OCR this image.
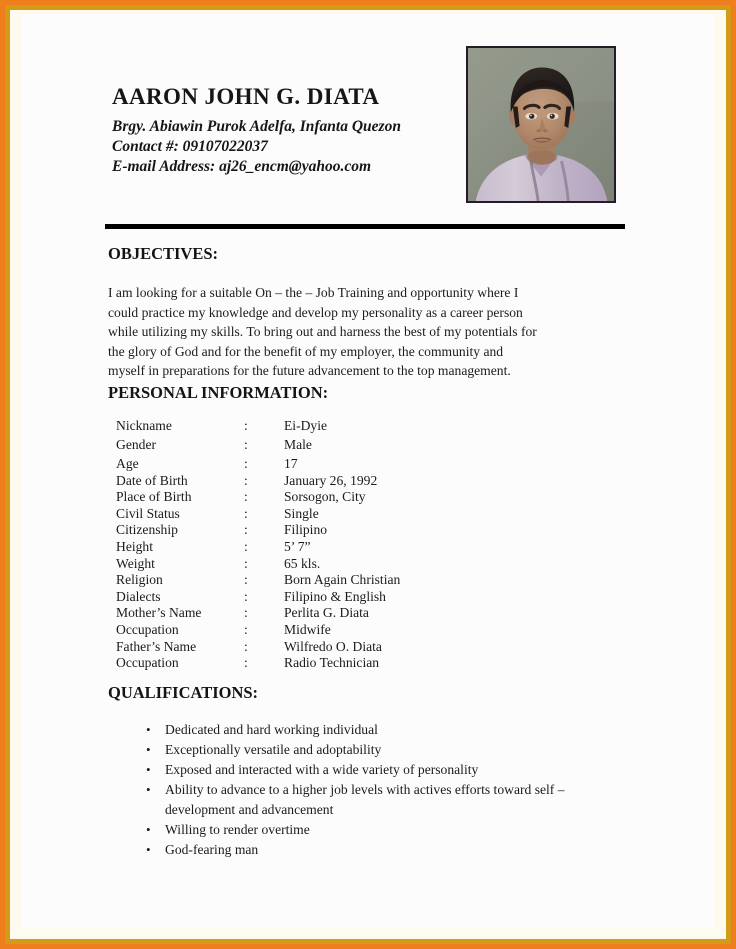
AARON JOHN G. DIATA
Brgy. Abiawin Purok Adelfa, Infanta Quezon
Contact #: 09107022037
E-mail Address: aj26_encm@yahoo.com
OBJECTIVES:
I am looking for a suitable On – the – Job Training and opportunity where I could practice my knowledge and develop my personality as a career person while utilizing my skills. To bring out and harness the best of my potentials for the glory of God and for the benefit of my employer, the community and myself in preparations for the future advancement to the top management.
PERSONAL INFORMATION:
Nickname	:	Ei-Dyie
Gender	:	Male
Age	:	17
Date of Birth	:	January 26, 1992
Place of Birth	:	Sorsogon, City
Civil Status	:	Single
Citizenship	:	Filipino
Height	:	5’ 7”
Weight	:	65 kls.
Religion	:	Born Again Christian
Dialects	:	Filipino & English
Mother’s Name	:	Perlita G. Diata
Occupation	:	Midwife
Father’s Name	:	Wilfredo O. Diata
Occupation	:	Radio Technician
QUALIFICATIONS:
• Dedicated and hard working individual
• Exceptionally versatile and adoptability
• Exposed and interacted with a wide variety of personality
• Ability to advance to a higher job levels with actives efforts toward self –development and advancement
• Willing to render overtime
• God-fearing man
